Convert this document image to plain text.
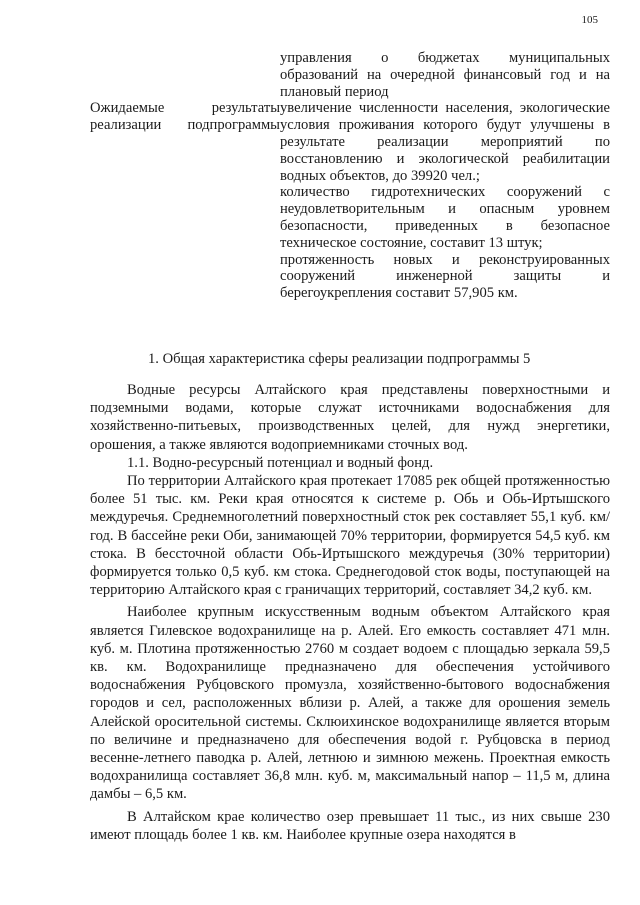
105

управления о бюджетах муниципальных образований на очередной финансовый год и на плановый период

Ожидаемые результаты реализации подпрограммы

увеличение численности населения, экологические условия проживания которого будут улучшены в результате реализации мероприятий по восстановлению и экологической реабилитации водных объектов, до 39920 чел.;

количество гидротехнических сооружений с неудовлетворительным и опасным уровнем безопасности, приведенных в безопасное техническое состояние, составит 13 штук;

протяженность новых и реконструированных сооружений инженерной защиты и берегоукрепления составит 57,905 км.

1. Общая характеристика сферы реализации подпрограммы 5

Водные ресурсы Алтайского края представлены поверхностными и подземными водами, которые служат источниками водоснабжения для хозяйственно-питьевых, производственных целей, для нужд энергетики, орошения, а также являются водоприемниками сточных вод.

1.1. Водно-ресурсный потенциал и водный фонд.

По территории Алтайского края протекает 17085 рек общей протяженностью более 51 тыс. км. Реки края относятся к системе р. Обь и Обь-Иртышского междуречья. Среднемноголетний поверхностный сток рек составляет 55,1 куб. км/год. В бассейне реки Оби, занимающей 70% территории, формируется 54,5 куб. км стока. В бессточной области Обь-Иртышского междуречья (30% территории) формируется только 0,5 куб. км стока. Среднегодовой сток воды, поступающей на территорию Алтайского края с граничащих территорий, составляет 34,2 куб. км.

Наиболее крупным искусственным водным объектом Алтайского края является Гилевское водохранилище на р. Алей. Его емкость составляет 471 млн. куб. м. Плотина протяженностью 2760 м создает водоем с площадью зеркала 59,5 кв. км. Водохранилище предназначено для обеспечения устойчивого водоснабжения Рубцовского промузла, хозяйственно-бытового водоснабжения городов и сел, расположенных вблизи р. Алей, а также для орошения земель Алейской оросительной системы. Склюихинское водохранилище является вторым по величине и предназначено для обеспечения водой г. Рубцовска в период весенне-летнего паводка р. Алей, летнюю и зимнюю межень. Проектная емкость водохранилища составляет 36,8 млн. куб. м, максимальный напор – 11,5 м, длина дамбы – 6,5 км.

В Алтайском крае количество озер превышает 11 тыс., из них свыше 230 имеют площадь более 1 кв. км. Наиболее крупные озера находятся в
